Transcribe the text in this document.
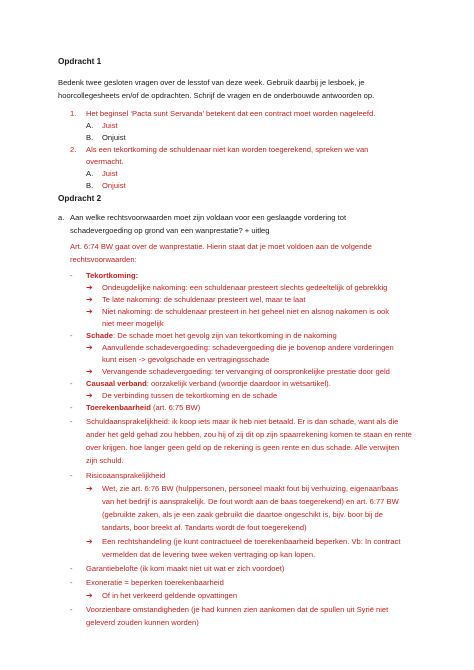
Opdracht 1
Bedenk twee gesloten vragen over de lesstof van deze week. Gebruik daarbij je lesboek, je
hoorcollegesheets en/of de opdrachten. Schrijf de vragen en de onderbouwde antwoorden op.
1. Het beginsel ‘Pacta sunt Servanda’ betekent dat een contract moet worden nageleefd.
A. Juist
B. Onjuist
2. Als een tekortkoming de schuldenaar niet kan worden toegerekend, spreken we van
overmacht.
A. Juist
B. Onjuist
Opdracht 2
a. Aan welke rechtsvoorwaarden moet zijn voldaan voor een geslaagde vordering tot
schadevergoeding op grond van een wanprestatie? + uitleg
Art. 6:74 BW gaat over de wanprestatie. Hierin staat dat je moet voldoen aan de volgende
rechtsvoorwaarden:
- Tekortkoming:
➔ Ondeugdelijke nakoming: een schuldenaar presteert slechts gedeeltelijk of gebrekkig
➔ Te late nakoming: de schuldenaar presteert wel, maar te laat
➔ Niet nakoming: de schuldenaar presteert in het geheel niet en alsnog nakomen is ook
niet meer mogelijk
- Schade: De schade moet het gevolg zijn van tekortkoming in de nakoming
➔ Aanvullende schadevergoeding: schadevergoeding die je bovenop andere vorderingen
kunt eisen -> gevolgschade en vertragingsschade
➔ Vervangende schadevergoeding: ter vervanging of oorspronkelijke prestatie door geld
- Causaal verband: oorzakelijk verband (woordje daardoor in wetsartikel).
➔ De verbinding tussen de tekortkoming en de schade
- Toerekenbaarheid (art. 6:75 BW)
- Schuldaansprakelijkheid: ik koop iets maar ik heb niet betaald. Er is dan schade, want als die
ander het geld gehad zou hebben, zou hij of zij dit op zijn spaarrekening komen te staan en rente
over krijgen. hoe langer geen geld op de rekening is geen rente en dus schade. Alle verwijten
zijn schuld.
- Risicoaansprakelijkheid
➔ Wet, zie art. 6:76 BW (hulppersonen, personeel maakt fout bij verhuizing, eigenaar/baas
van het bedrijf is aansprakelijk. De fout wordt aan de baas toegerekend) en art. 6:77 BW
(gebruikte zaken, als je een zaak gebruikt die daartoe ongeschikt is, bijv. boor bij de
tandarts, boor breekt af. Tandarts wordt de fout toegerekend)
➔ Een rechtshandeling (je kunt contractueel de toerekenbaarheid beperken. Vb: In contract
vermelden dat de levering twee weken vertraging op kan lopen.
- Garantiebelofte (ik kom maakt niet uit wat er zich voordoet)
- Exoneratie = beperken toerekenbaarheid
➔ Of in het verkeerd geldende opvattingen
- Voorzienbare omstandigheden (je had kunnen zien aankomen dat de spullen uit Syrië niet
geleverd zouden kunnen worden)
